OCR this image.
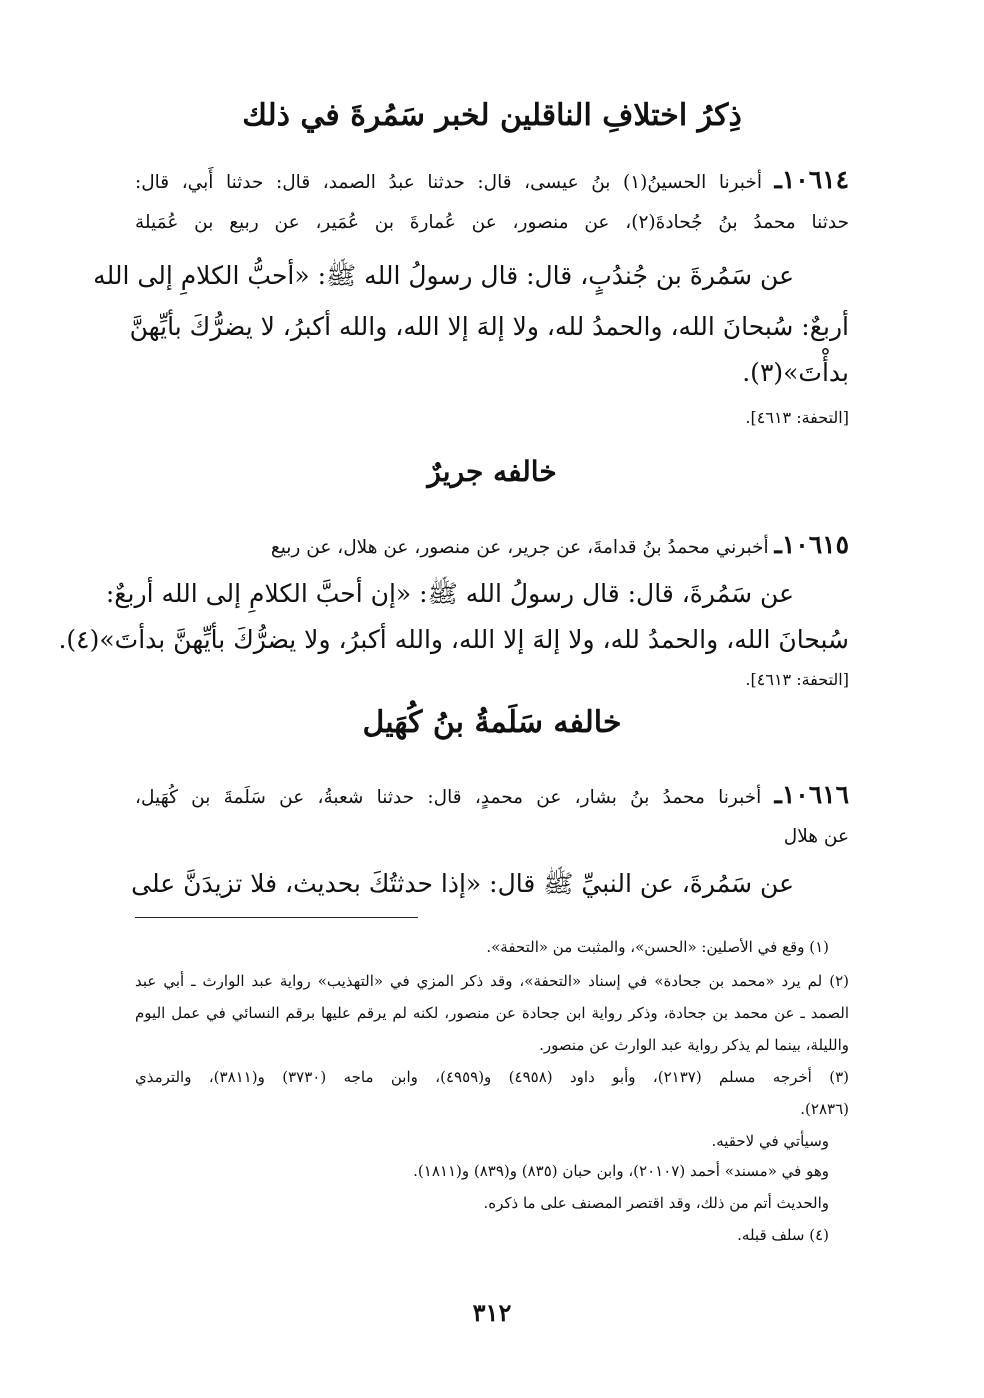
ذِكرُ اختلافِ الناقلين لخبر سَمُرةَ في ذلك
١٠٦١٤ـ أخبرنا الحسينُ(١) بنُ عيسى، قال: حدثنا عبدُ الصمد، قال: حدثنا أَبي، قال:
حدثنا محمدُ بنُ جُحادةَ(٢)، عن منصور، عن عُمارةَ بن عُمَير، عن ربيع بن عُمَيلة
عن سَمُرةَ بن جُندُبٍ، قال: قال رسولُ الله ﷺ: «أحبُّ الكلامِ إلى الله
أربعٌ: سُبحانَ الله، والحمدُ لله، ولا إلهَ إلا الله، والله أكبرُ، لا يضرُّكَ بأيِّهنَّ
بدأْتَ»(٣).
[التحفة: ٤٦١٣].
خالفه جريرٌ
١٠٦١٥ـ أخبرني محمدُ بنُ قدامةَ، عن جرير، عن منصور، عن هلال، عن ربيع
عن سَمُرةَ، قال: قال رسولُ الله ﷺ: «إن أحبَّ الكلامِ إلى الله أربعٌ:
سُبحانَ الله، والحمدُ لله، ولا إلهَ إلا الله، والله أكبرُ، ولا يضرُّكَ بأيِّهنَّ بدأتَ»(٤).
[التحفة: ٤٦١٣].
خالفه سَلَمةُ بنُ كُهَيل
١٠٦١٦ـ أخبرنا محمدُ بنُ بشار، عن محمدٍ، قال: حدثنا شعبةُ، عن سَلَمةَ بن كُهَيل،
عن هلال
عن سَمُرةَ، عن النبيِّ ﷺ قال: «إذا حدثتُكَ بحديث، فلا تزيدَنَّ على
(١) وقع في الأصلين: «الحسن»، والمثبت من «التحفة».
(٢) لم يرد «محمد بن جحادة» في إسناد «التحفة»، وقد ذكر المزي في «التهذيب» رواية عبد الوارث ـ أبي عبد
الصمد ـ عن محمد بن جحادة، وذكر رواية ابن جحادة عن منصور، لكنه لم يرقم عليها برقم النسائي في عمل اليوم
والليلة، بينما لم يذكر رواية عبد الوارث عن منصور.
(٣) أخرجه مسلم (٢١٣٧)، وأبو داود (٤٩٥٨) و(٤٩٥٩)، وابن ماجه (٣٧٣٠) و(٣٨١١)، والترمذي
(٢٨٣٦).
وسيأتي في لاحقيه.
وهو في «مسند» أحمد (٢٠١٠٧)، وابن حبان (٨٣٥) و(٨٣٩) و(١٨١١).
والحديث أتم من ذلك، وقد اقتصر المصنف على ما ذكره.
(٤) سلف قبله.
٣١٢
